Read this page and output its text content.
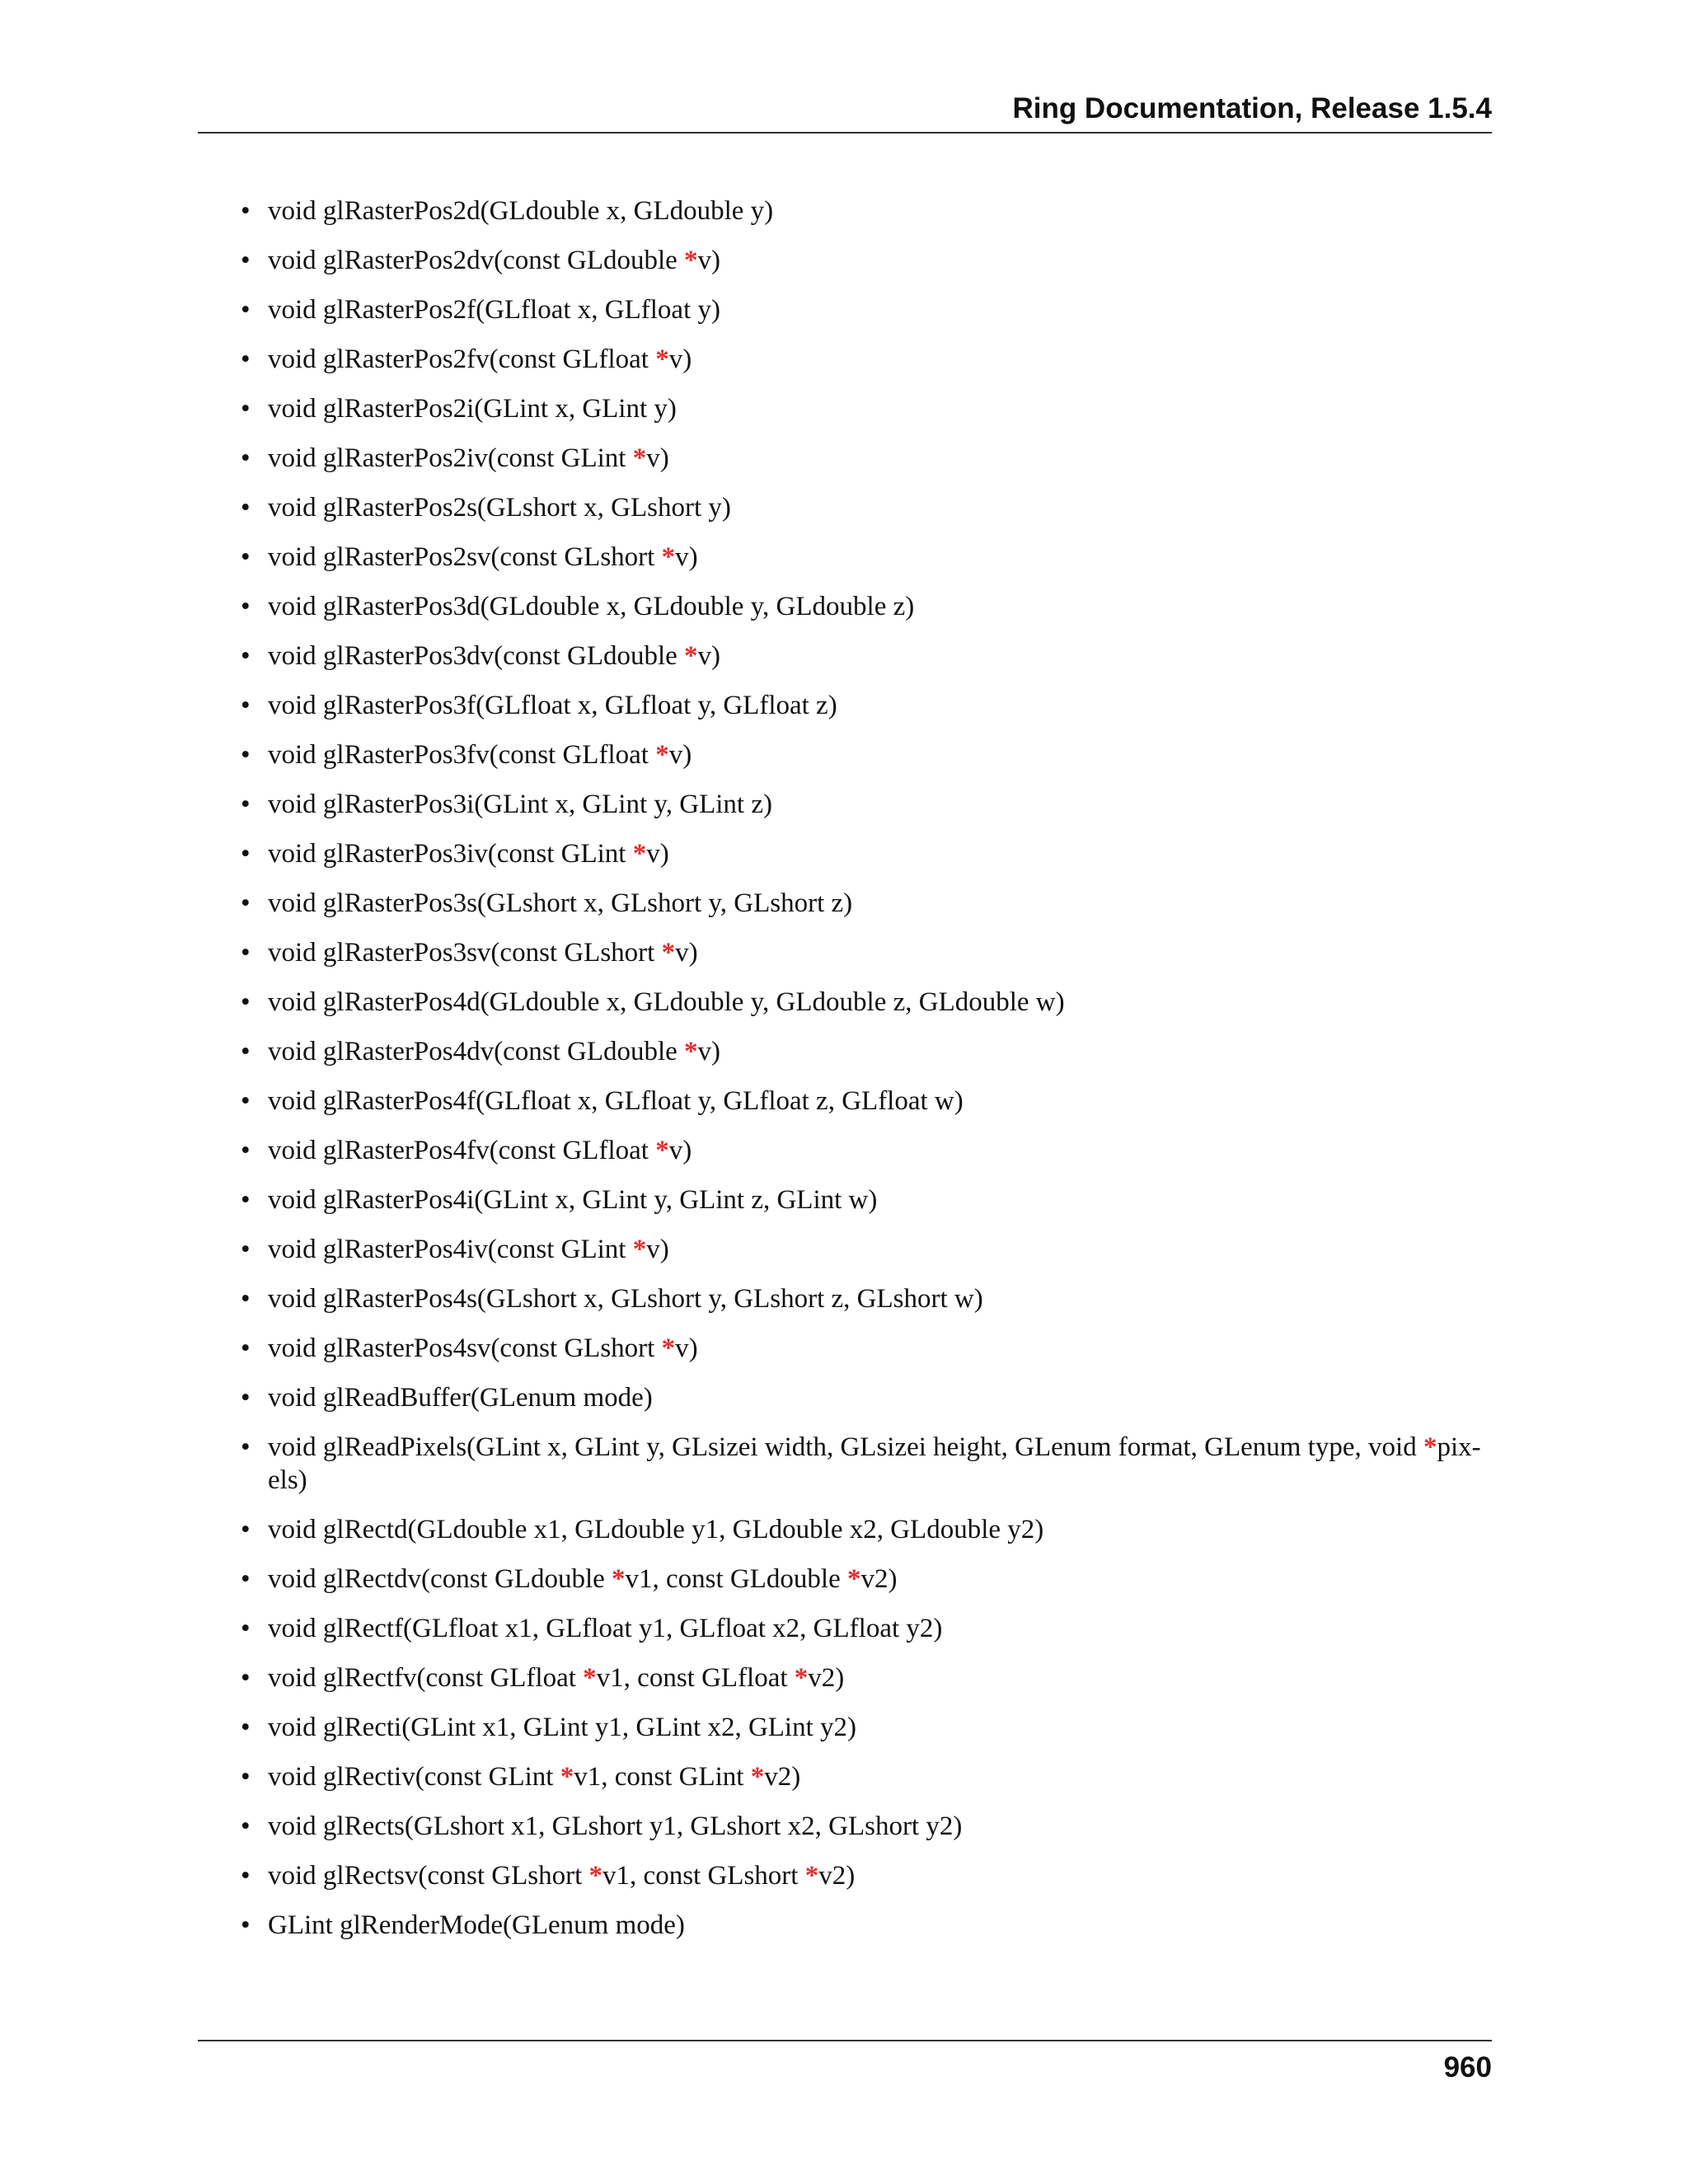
Ring Documentation, Release 1.5.4
• void glRasterPos2d(GLdouble x, GLdouble y)
• void glRasterPos2dv(const GLdouble *v)
• void glRasterPos2f(GLfloat x, GLfloat y)
• void glRasterPos2fv(const GLfloat *v)
• void glRasterPos2i(GLint x, GLint y)
• void glRasterPos2iv(const GLint *v)
• void glRasterPos2s(GLshort x, GLshort y)
• void glRasterPos2sv(const GLshort *v)
• void glRasterPos3d(GLdouble x, GLdouble y, GLdouble z)
• void glRasterPos3dv(const GLdouble *v)
• void glRasterPos3f(GLfloat x, GLfloat y, GLfloat z)
• void glRasterPos3fv(const GLfloat *v)
• void glRasterPos3i(GLint x, GLint y, GLint z)
• void glRasterPos3iv(const GLint *v)
• void glRasterPos3s(GLshort x, GLshort y, GLshort z)
• void glRasterPos3sv(const GLshort *v)
• void glRasterPos4d(GLdouble x, GLdouble y, GLdouble z, GLdouble w)
• void glRasterPos4dv(const GLdouble *v)
• void glRasterPos4f(GLfloat x, GLfloat y, GLfloat z, GLfloat w)
• void glRasterPos4fv(const GLfloat *v)
• void glRasterPos4i(GLint x, GLint y, GLint z, GLint w)
• void glRasterPos4iv(const GLint *v)
• void glRasterPos4s(GLshort x, GLshort y, GLshort z, GLshort w)
• void glRasterPos4sv(const GLshort *v)
• void glReadBuffer(GLenum mode)
• void glReadPixels(GLint x, GLint y, GLsizei width, GLsizei height, GLenum format, GLenum type, void *pix-els)
• void glRectd(GLdouble x1, GLdouble y1, GLdouble x2, GLdouble y2)
• void glRectdv(const GLdouble *v1, const GLdouble *v2)
• void glRectf(GLfloat x1, GLfloat y1, GLfloat x2, GLfloat y2)
• void glRectfv(const GLfloat *v1, const GLfloat *v2)
• void glRecti(GLint x1, GLint y1, GLint x2, GLint y2)
• void glRectiv(const GLint *v1, const GLint *v2)
• void glRects(GLshort x1, GLshort y1, GLshort x2, GLshort y2)
• void glRectsv(const GLshort *v1, const GLshort *v2)
• GLint glRenderMode(GLenum mode)
960
